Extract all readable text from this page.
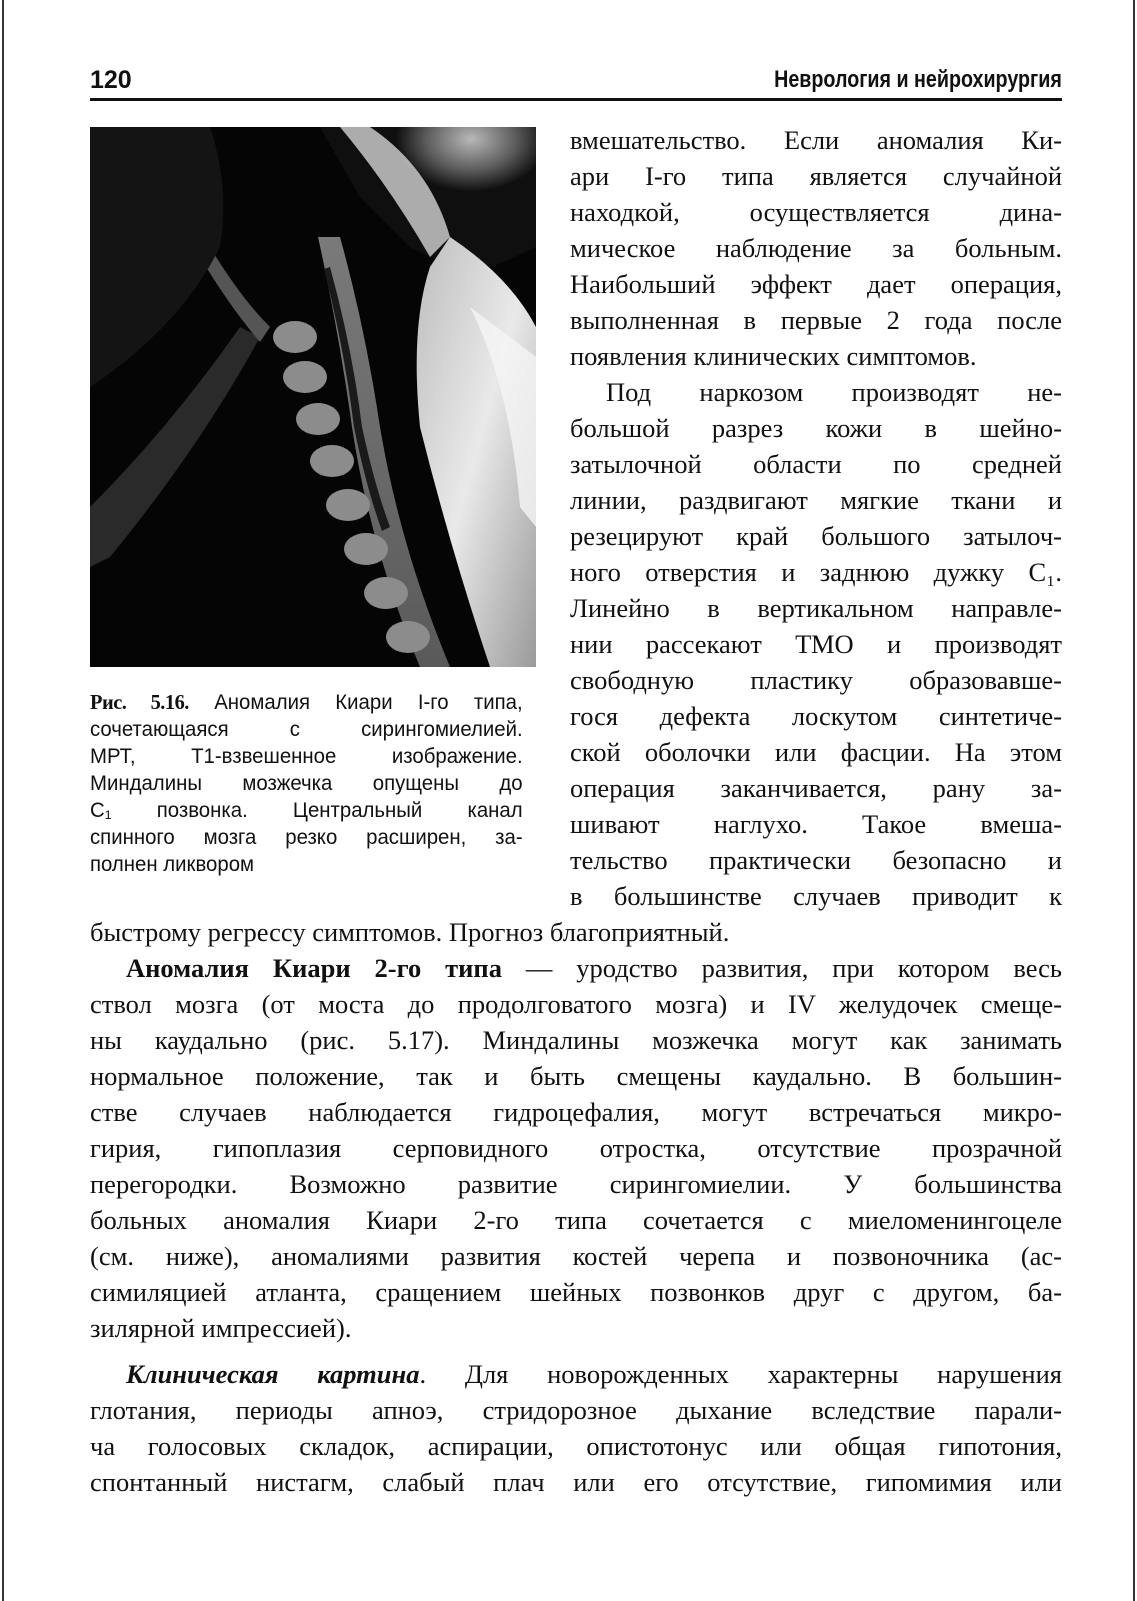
120	Неврология и нейрохирургия
Рис. 5.16. Аномалия Киари I-го типа,
сочетающаяся с сирингомиелией.
МРТ, Т1-взвешенное изображение.
Миндалины мозжечка опущены до
C₁ позвонка. Центральный канал
спинного мозга резко расширен, за-
полнен ликвором
вмешательство. Если аномалия Ки-
ари I-го типа является случайной
находкой, осуществляется дина-
мическое наблюдение за больным.
Наибольший эффект дает операция,
выполненная в первые 2 года после
появления клинических симптомов.
Под наркозом производят не-
большой разрез кожи в шейно-
затылочной области по средней
линии, раздвигают мягкие ткани и
резецируют край большого затылоч-
ного отверстия и заднюю дужку C₁.
Линейно в вертикальном направле-
нии рассекают ТМО и производят
свободную пластику образовавше-
гося дефекта лоскутом синтетиче-
ской оболочки или фасции. На этом
операция заканчивается, рану за-
шивают наглухо. Такое вмеша-
тельство практически безопасно и
в большинстве случаев приводит к
быстрому регрессу симптомов. Прогноз благоприятный.
Аномалия Киари 2-го типа — уродство развития, при котором весь
ствол мозга (от моста до продолговатого мозга) и IV желудочек смеще-
ны каудально (рис. 5.17). Миндалины мозжечка могут как занимать
нормальное положение, так и быть смещены каудально. В большин-
стве случаев наблюдается гидроцефалия, могут встречаться микро-
гирия, гипоплазия серповидного отростка, отсутствие прозрачной
перегородки. Возможно развитие сирингомиелии. У большинства
больных аномалия Киари 2-го типа сочетается с миеломенингоцеле
(см. ниже), аномалиями развития костей черепа и позвоночника (ас-
симиляцией атланта, сращением шейных позвонков друг с другом, ба-
зилярной импрессией).
Клиническая картина. Для новорожденных характерны нарушения
глотания, периоды апноэ, стридорозное дыхание вследствие парали-
ча голосовых складок, аспирации, опистотонус или общая гипотония,
спонтанный нистагм, слабый плач или его отсутствие, гипомимия или
